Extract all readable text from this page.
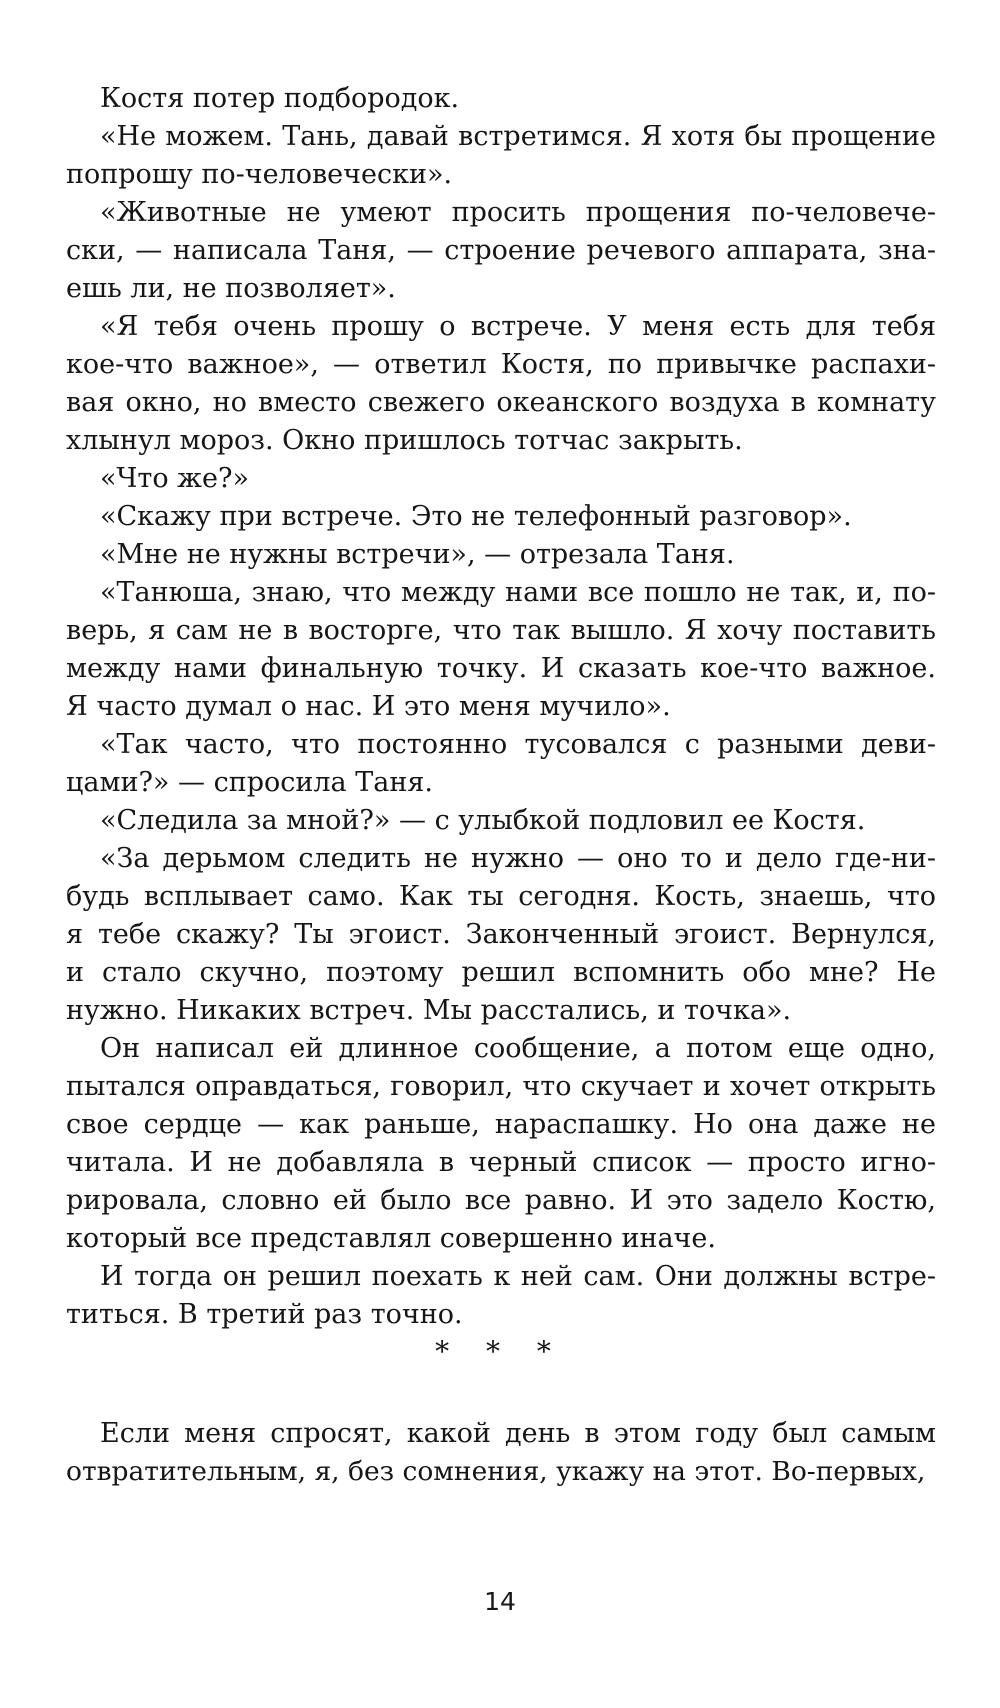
Костя потер подбородок.
«Не можем. Тань, давай встретимся. Я хотя бы прощение
попрошу по-человечески».
«Животные не умеют просить прощения по-человече-
ски, — написала Таня, — строение речевого аппарата, зна-
ешь ли, не позволяет».
«Я тебя очень прошу о встрече. У меня есть для тебя
кое-что важное», — ответил Костя, по привычке распахи-
вая окно, но вместо свежего океанского воздуха в комнату
хлынул мороз. Окно пришлось тотчас закрыть.
«Что же?»
«Скажу при встрече. Это не телефонный разговор».
«Мне не нужны встречи», — отрезала Таня.
«Танюша, знаю, что между нами все пошло не так, и, по-
верь, я сам не в восторге, что так вышло. Я хочу поставить
между нами финальную точку. И сказать кое-что важное.
Я часто думал о нас. И это меня мучило».
«Так часто, что постоянно тусовался с разными деви-
цами?» — спросила Таня.
«Следила за мной?» — с улыбкой подловил ее Костя.
«За дерьмом следить не нужно — оно то и дело где-ни-
будь всплывает само. Как ты сегодня. Кость, знаешь, что
я тебе скажу? Ты эгоист. Законченный эгоист. Вернулся,
и стало скучно, поэтому решил вспомнить обо мне? Не
нужно. Никаких встреч. Мы расстались, и точка».
Он написал ей длинное сообщение, а потом еще одно,
пытался оправдаться, говорил, что скучает и хочет открыть
свое сердце — как раньше, нараспашку. Но она даже не
читала. И не добавляла в черный список — просто игно-
рировала, словно ей было все равно. И это задело Костю,
который все представлял совершенно иначе.
И тогда он решил поехать к ней сам. Они должны встре-
титься. В третий раз точно.
* * *
Если меня спросят, какой день в этом году был самым
отвратительным, я, без сомнения, укажу на этот. Во-первых,
14
